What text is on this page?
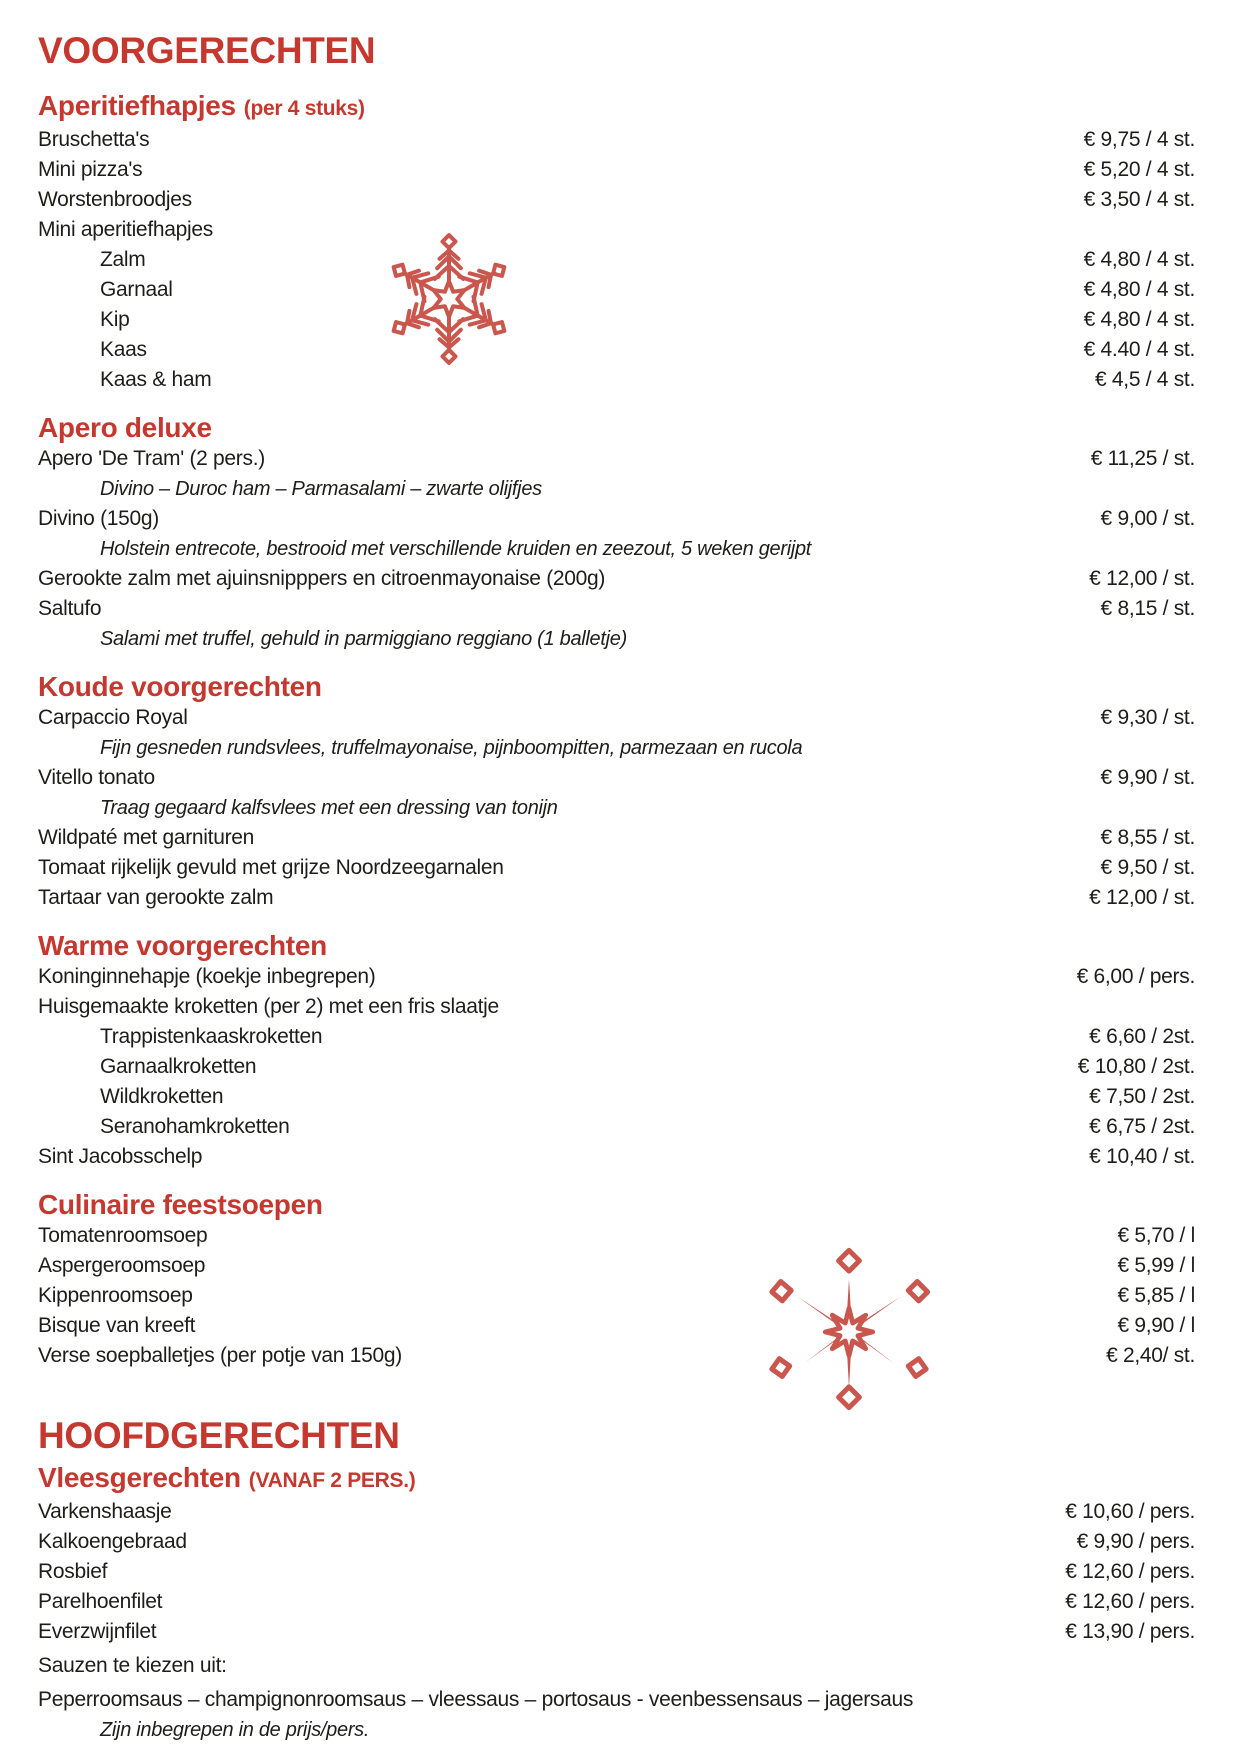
VOORGERECHTEN
Aperitiefhapjes (per 4 stuks)
Bruschetta's	€ 9,75 / 4 st.
Mini pizza's	€ 5,20 / 4 st.
Worstenbroodjes	€ 3,50 / 4 st.
Mini aperitiefhapjes
Zalm	€ 4,80 / 4 st.
Garnaal	€ 4,80 / 4 st.
Kip	€ 4,80 / 4 st.
Kaas	€ 4.40 / 4 st.
Kaas & ham	€ 4,5 / 4 st.
Apero deluxe
Apero 'De Tram' (2 pers.)	€ 11,25 / st.
Divino – Duroc ham – Parmasalami – zwarte olijfjes
Divino (150g)	€ 9,00 / st.
Holstein entrecote, bestrooid met verschillende kruiden en zeezout, 5 weken gerijpt
Gerookte zalm met ajuinsnipppers en citroenmayonaise (200g)	€ 12,00 / st.
Saltufo	€ 8,15 / st.
Salami met truffel, gehuld in parmiggiano reggiano (1 balletje)
Koude voorgerechten
Carpaccio Royal	€ 9,30 / st.
Fijn gesneden rundsvlees, truffelmayonaise, pijnboompitten, parmezaan en rucola
Vitello tonato	€ 9,90 / st.
Traag gegaard kalfsvlees met een dressing van tonijn
Wildpaté met garnituren	€ 8,55 / st.
Tomaat rijkelijk gevuld met grijze Noordzeegarnalen	€ 9,50 / st.
Tartaar van gerookte zalm	€ 12,00 / st.
Warme voorgerechten
Koninginnehapje (koekje inbegrepen)	€ 6,00 / pers.
Huisgemaakte kroketten (per 2) met een fris slaatje
Trappistenkaaskroketten	€ 6,60 / 2st.
Garnaalkroketten	€ 10,80 / 2st.
Wildkroketten	€ 7,50 / 2st.
Seranohamkroketten	€ 6,75 / 2st.
Sint Jacobsschelp	€ 10,40 / st.
Culinaire feestsoepen
Tomatenroomsoep	€ 5,70 / l
Aspergeroomsoep	€ 5,99 / l
Kippenroomsoep	€ 5,85 / l
Bisque van kreeft	€ 9,90 / l
Verse soepballetjes (per potje van 150g)	€ 2,40/ st.
HOOFDGERECHTEN
Vleesgerechten (VANAF 2 PERS.)
Varkenshaasje	€ 10,60 / pers.
Kalkoengebraad	€ 9,90 / pers.
Rosbief	€ 12,60 / pers.
Parelhoenfilet	€ 12,60 / pers.
Everzwijnfilet	€ 13,90 / pers.
Sauzen te kiezen uit:
Peperroomsaus – champignonroomsaus – vleessaus – portosaus - veenbessensaus – jagersaus
Zijn inbegrepen in de prijs/pers.
